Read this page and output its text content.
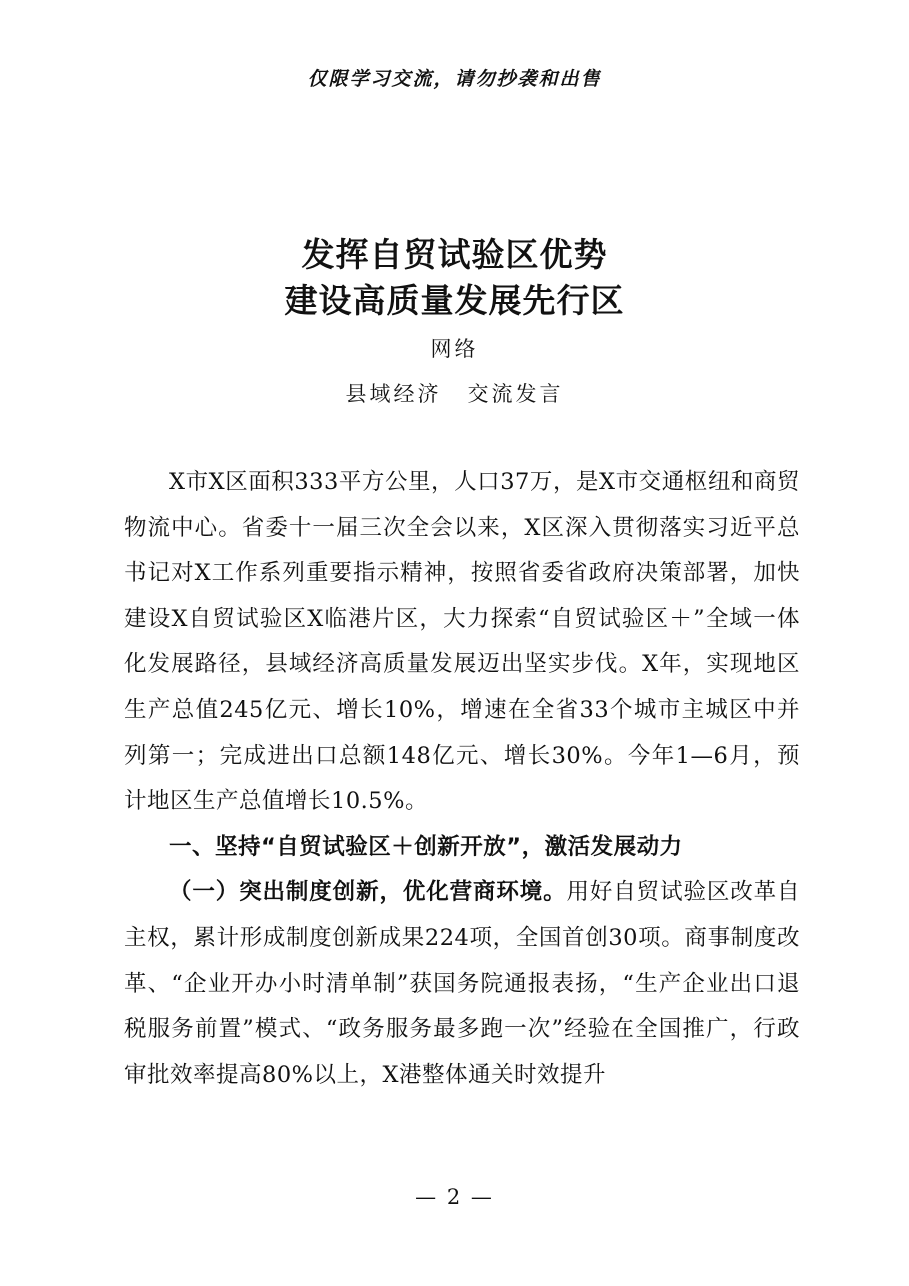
仅限学习交流，请勿抄袭和出售
发挥自贸试验区优势
建设高质量发展先行区
网络
县域经济 交流发言

X市X区面积333平方公里，人口37万，是X市交通枢纽和商贸物流中心。省委十一届三次全会以来，X区深入贯彻落实习近平总书记对X工作系列重要指示精神，按照省委省政府决策部署，加快建设X自贸试验区X临港片区，大力探索“自贸试验区＋”全域一体化发展路径，县域经济高质量发展迈出坚实步伐。X年，实现地区生产总值245亿元、增长10%，增速在全省33个城市主城区中并列第一；完成进出口总额148亿元、增长30%。今年1—6月，预计地区生产总值增长10.5%。

一、坚持“自贸试验区＋创新开放”，激活发展动力

（一）突出制度创新，优化营商环境。用好自贸试验区改革自主权，累计形成制度创新成果224项，全国首创30项。商事制度改革、“企业开办小时清单制”获国务院通报表扬，“生产企业出口退税服务前置”模式、“政务服务最多跑一次”经验在全国推广，行政审批效率提高80%以上，X港整体通关时效提升

— 2 —
